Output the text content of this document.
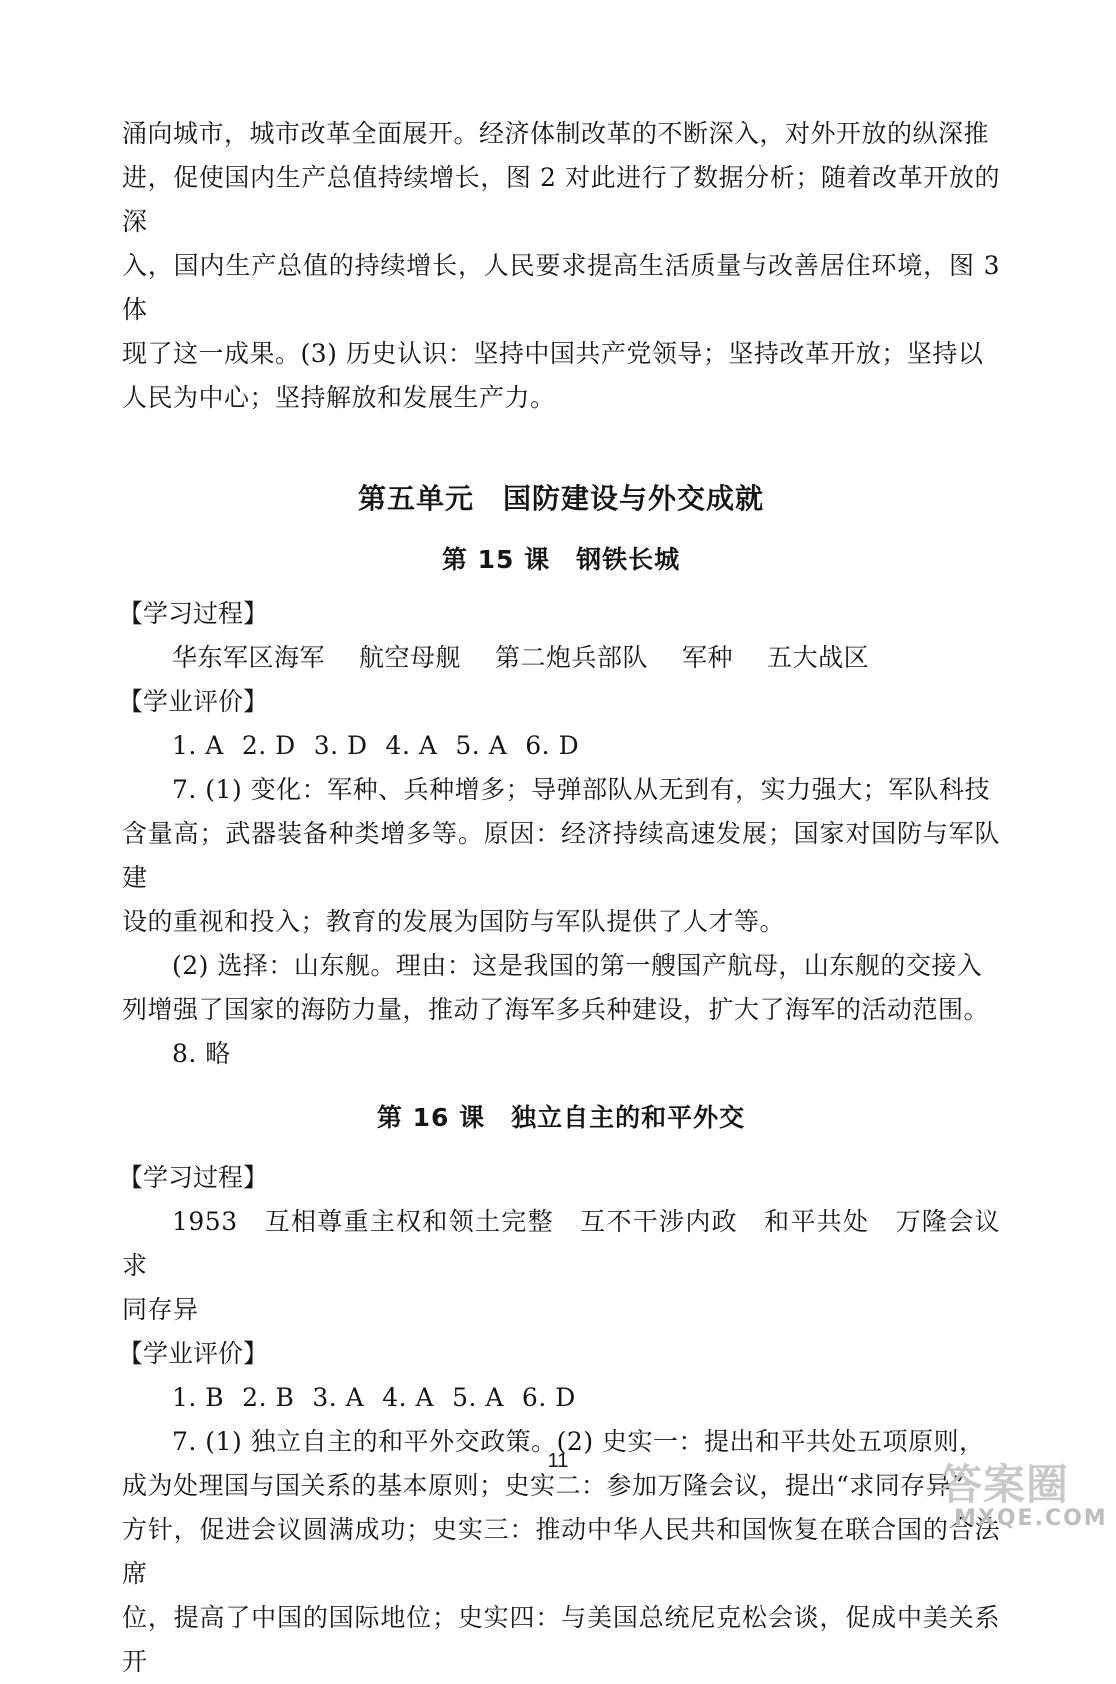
涌向城市，城市改革全面展开。经济体制改革的不断深入，对外开放的纵深推

进，促使国内生产总值持续增长，图 2 对此进行了数据分析；随着改革开放的深

入，国内生产总值的持续增长，人民要求提高生活质量与改善居住环境，图 3 体

现了这一成果。(3) 历史认识：坚持中国共产党领导；坚持改革开放；坚持以

人民为中心；坚持解放和发展生产力。

第五单元　国防建设与外交成就
第 15 课　钢铁长城

【学习过程】

华东军区海军 航空母舰 第二炮兵部队 军种 五大战区

【学业评价】

1. A 2. D 3. D 4. A 5. A 6. D

7. (1) 变化：军种、兵种增多；导弹部队从无到有，实力强大；军队科技

含量高；武器装备种类增多等。原因：经济持续高速发展；国家对国防与军队建

设的重视和投入；教育的发展为国防与军队提供了人才等。

(2) 选择：山东舰。理由：这是我国的第一艘国产航母，山东舰的交接入

列增强了国家的海防力量，推动了海军多兵种建设，扩大了海军的活动范围。

8. 略

第 16 课　独立自主的和平外交

【学习过程】

1953　互相尊重主权和领土完整　互不干涉内政　和平共处　万隆会议　求

同存异

【学业评价】

1. B 2. B 3. A 4. A 5. A 6. D

7. (1) 独立自主的和平外交政策。(2) 史实一：提出和平共处五项原则，

成为处理国与国关系的基本原则；史实二：参加万隆会议，提出“求同存异”

方针，促进会议圆满成功；史实三：推动中华人民共和国恢复在联合国的合法席

位，提高了中国的国际地位；史实四：与美国总统尼克松会谈，促成中美关系开

11	答案圈
MXQE.COM
